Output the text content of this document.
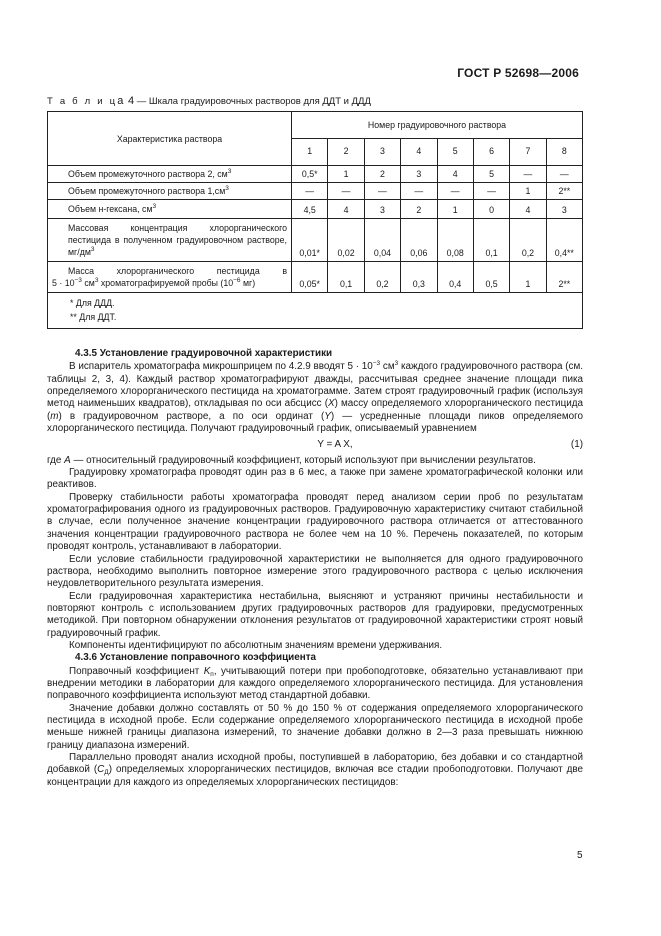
ГОСТ Р 52698—2006
Т а б л и ца 4 — Шкала градуировочных растворов для ДДТ и ДДД
Характеристика раствора	Номер градуировочного раствора							
	1	2	3	4	5	6	7	8
Объем промежуточного раствора 2, $см^3$	0,5*	1	2	3	4	5	—	—
Объем промежуточного раствора $1,см^3$	—	—	—	—	—	—	1	2**
Объем н-гексана, $см^3$	4,5	4	3	2	1	0	4	3
Массовая концентрация хлорорганического пестицида в полученном градуировочном растворе, $мг/дм^3$	0,01*	0,02	0,04	0,06	0,08	0,1	0,2	0,4**

Масса хлорорганического пестицида в
$5 \cdot 10^{-3}$ $см^3$ хроматографируемой пробы ($10^{-6}$ мг)	0,05*	0,1	0,2	0,3	0,4	0,5	1	2**

* Для ДДД.
** Для ДДТ.								

4.3.5 Установление градуировочной характеристики

В испаритель хроматографа микрошприцем по 4.2.9 вводят $5 \cdot 10^{-3}$ $см^3$ каждого градуировочного раствора (см. таблицы 2, 3, 4). Каждый раствор хроматографируют дважды, рассчитывая среднее значение площади пика определяемого хлорорганического пестицида на хроматограмме. Затем строят градуировочный график (используя метод наименьших квадратов), откладывая по оси абсцисс (X) массу определяемого хлорорганического пестицида (m) в градуировочном растворе, а по оси ординат (Y) — усредненные площади пиков определяемого хлорорганического пестицида. Получают градуировочный график, описываемый уравнением

Y = A X,	(1)

где A — относительный градуировочный коэффициент, который используют при вычислении результатов.

Градуировку хроматографа проводят один раз в 6 мес, а также при замене хроматографической колонки или реактивов.

Проверку стабильности работы хроматографа проводят перед анализом серии проб по результатам хроматографирования одного из градуировочных растворов. Градуировочную характеристику считают стабильной в случае, если полученное значение концентрации градуировочного раствора отличается от аттестованного значения концентрации градуировочного раствора не более чем на 10 %. Перечень показателей, по которым проводят контроль, устанавливают в лаборатории.

Если условие стабильности градуировочной характеристики не выполняется для одного градуировочного раствора, необходимо выполнить повторное измерение этого градуировочного раствора с целью исключения неудовлетворительного результата измерения.

Если градуировочная характеристика нестабильна, выясняют и устраняют причины нестабильности и повторяют контроль с использованием других градуировочных растворов для градуировки, предусмотренных методикой. При повторном обнаружении отклонения результатов от градуировочной характеристики строят новый градуировочный график.

Компоненты идентифицируют по абсолютным значениям времени удерживания.

4.3.6 Установление поправочного коэффициента

Поправочный коэффициент $K_п$, учитывающий потери при пробоподготовке, обязательно устанавливают при внедрении методики в лаборатории для каждого определяемого хлорорганического пестицида. Для установления поправочного коэффициента используют метод стандартной добавки.

Значение добавки должно составлять от 50 % до 150 % от содержания определяемого хлорорганического пестицида в исходной пробе. Если содержание определяемого хлорорганического пестицида в исходной пробе меньше нижней границы диапазона измерений, то значение добавки должно в 2—3 раза превышать нижнюю границу диапазона измерений.

Параллельно проводят анализ исходной пробы, поступившей в лабораторию, без добавки и со стандартной добавкой $(C_Д)$ определяемых хлорорганических пестицидов, включая все стадии пробоподготовки. Получают две концентрации для каждого из определяемых хлорорганических пестицидов:

5
